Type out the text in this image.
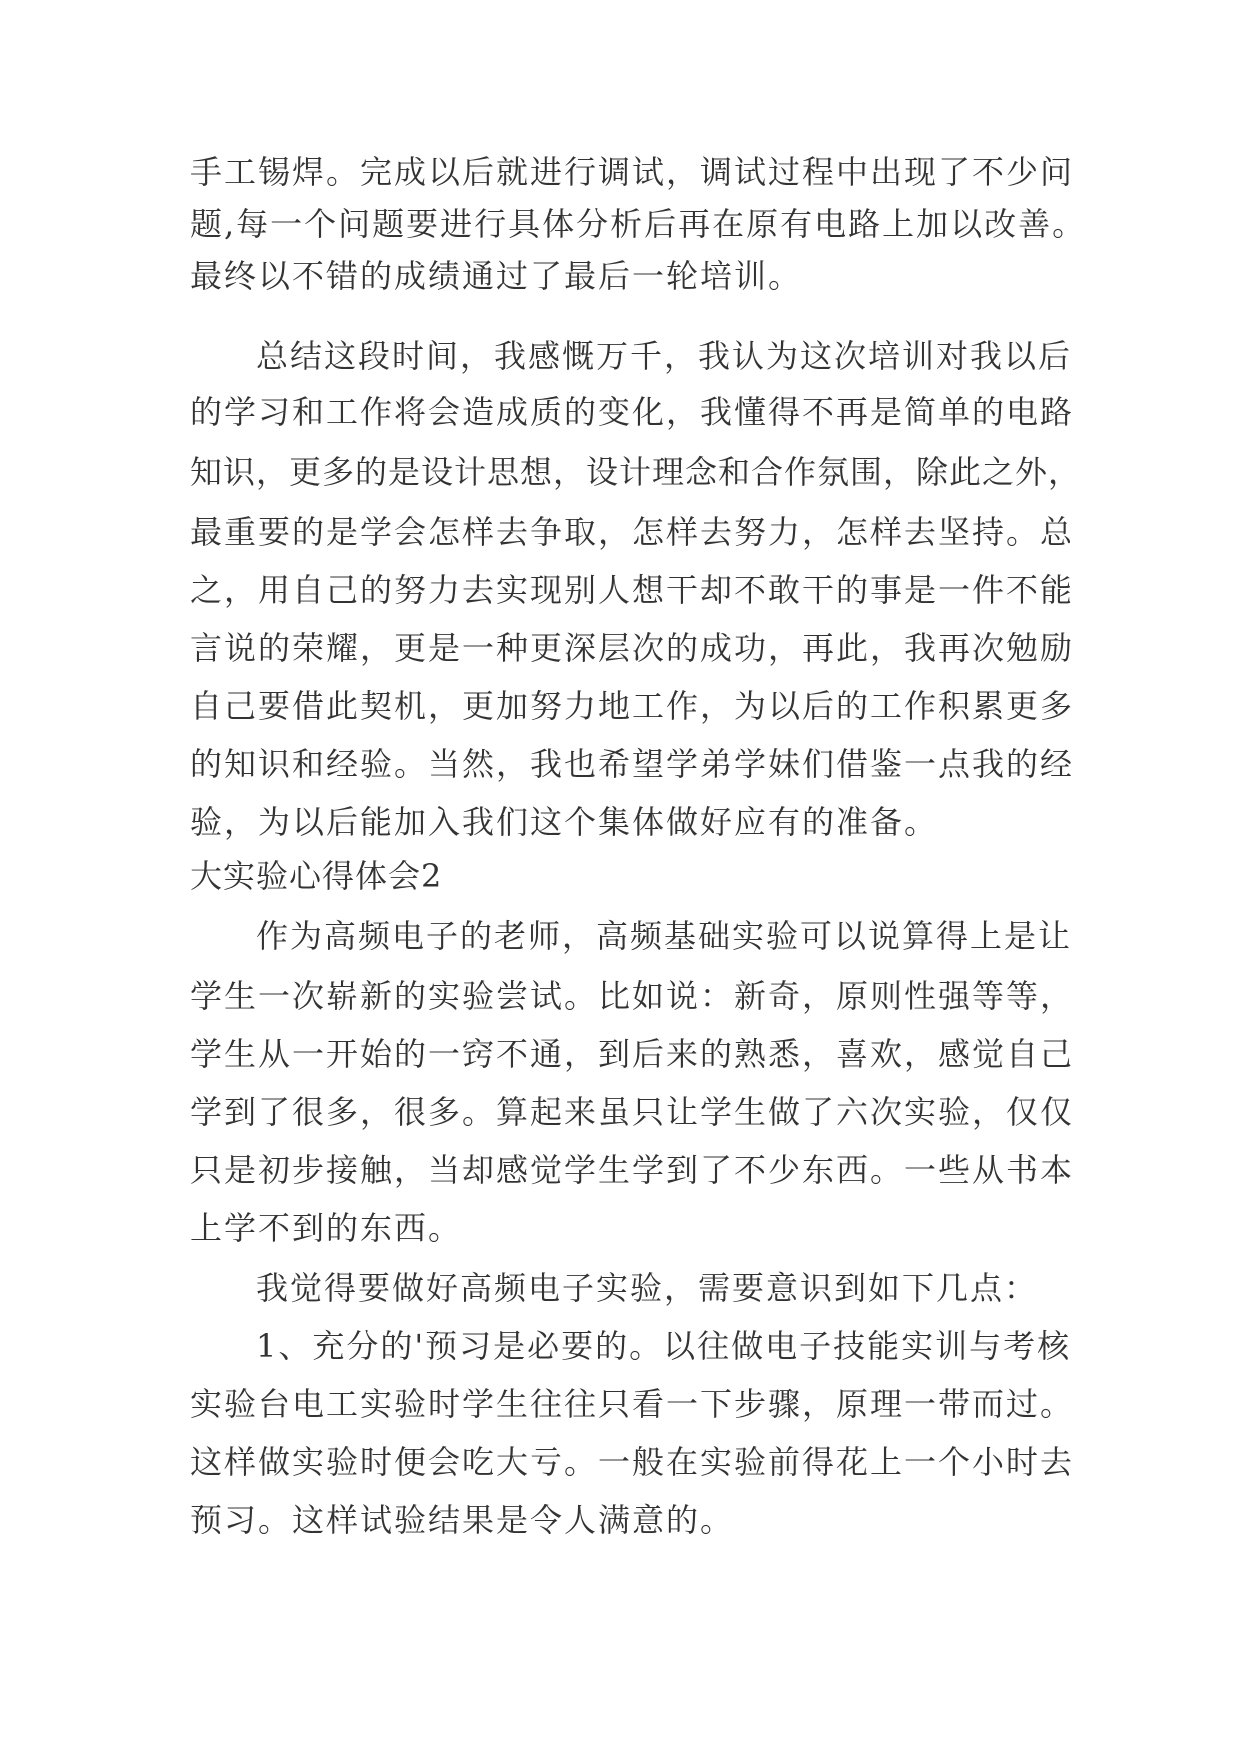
手工锡焊。完成以后就进行调试，调试过程中出现了不少问
题,每一个问题要进行具体分析后再在原有电路上加以改善。
最终以不错的成绩通过了最后一轮培训。
总结这段时间，我感慨万千，我认为这次培训对我以后
的学习和工作将会造成质的变化，我懂得不再是简单的电路
知识，更多的是设计思想，设计理念和合作氛围，除此之外，
最重要的是学会怎样去争取，怎样去努力，怎样去坚持。总
之，用自己的努力去实现别人想干却不敢干的事是一件不能
言说的荣耀，更是一种更深层次的成功，再此，我再次勉励
自己要借此契机，更加努力地工作，为以后的工作积累更多
的知识和经验。当然，我也希望学弟学妹们借鉴一点我的经
验，为以后能加入我们这个集体做好应有的准备。
大实验心得体会2
作为高频电子的老师，高频基础实验可以说算得上是让
学生一次崭新的实验尝试。比如说：新奇，原则性强等等，
学生从一开始的一窍不通，到后来的熟悉，喜欢，感觉自己
学到了很多，很多。算起来虽只让学生做了六次实验，仅仅
只是初步接触，当却感觉学生学到了不少东西。一些从书本
上学不到的东西。
我觉得要做好高频电子实验，需要意识到如下几点：
1、充分的'预习是必要的。以往做电子技能实训与考核
实验台电工实验时学生往往只看一下步骤，原理一带而过。
这样做实验时便会吃大亏。一般在实验前得花上一个小时去
预习。这样试验结果是令人满意的。
